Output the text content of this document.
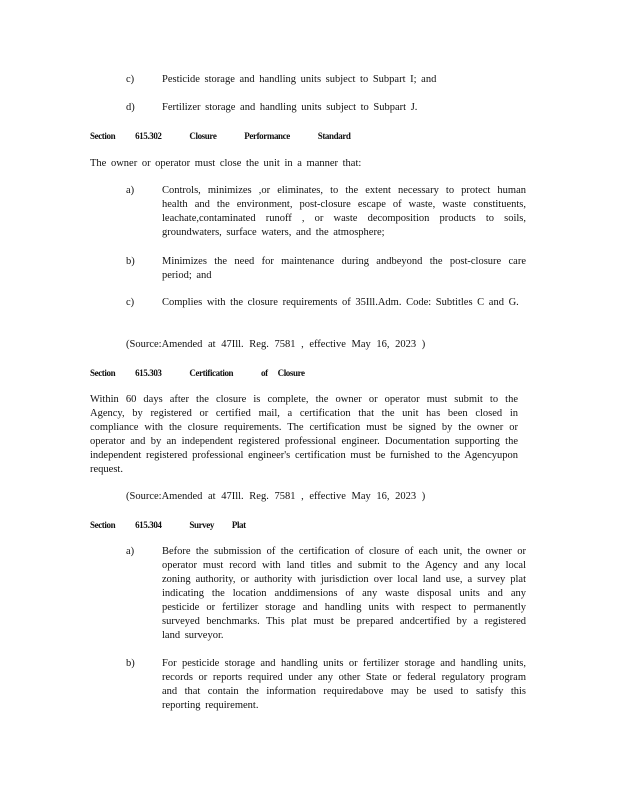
c)	Pesticide storage and handling units subject to Subpart I; and
d)	Fertilizer storage and handling units subject to Subpart J.
Section 615.302	Closure	Performance	Standard
The owner or operator must close the unit in a manner that:
a)	Controls, minimizes ,or eliminates, to the extent necessary to protect human health and the environment, post-closure escape of waste, waste constituents, leachate,contaminated runoff , or waste decomposition products to soils, groundwaters, surface waters, and the atmosphere;
b)	Minimizes the need for maintenance during andbeyond the post-closure care period; and
c)	Complies with the closure requirements of 35Ill.Adm. Code: Subtitles C and G.
(Source:Amended at 47Ill. Reg. 7581 , effective May 16, 2023 )
Section 615.303	Certification	of Closure
Within 60 days after the closure is complete, the owner or operator must submit to the Agency, by registered or certified mail, a certification that the unit has been closed in compliance with the closure requirements. The certification must be signed by the owner or operator and by an independent registered professional engineer. Documentation supporting the independent registered professional engineer's certification must be furnished to the Agencyupon request.
(Source:Amended at 47Ill. Reg. 7581 , effective May 16, 2023 )
Section 615.304	Survey Plat
a)	Before the submission of the certification of closure of each unit, the owner or operator must record with land titles and submit to the Agency and any local zoning authority, or authority with jurisdiction over local land use, a survey plat indicating the location anddimensions of any waste disposal units and any pesticide or fertilizer storage and handling units with respect to permanently surveyed benchmarks. This plat must be prepared andcertified by a registered land surveyor.
b)	For pesticide storage and handling units or fertilizer storage and handling units, records or reports required under any other State or federal regulatory program and that contain the information requiredabove may be used to satisfy this reporting requirement.
